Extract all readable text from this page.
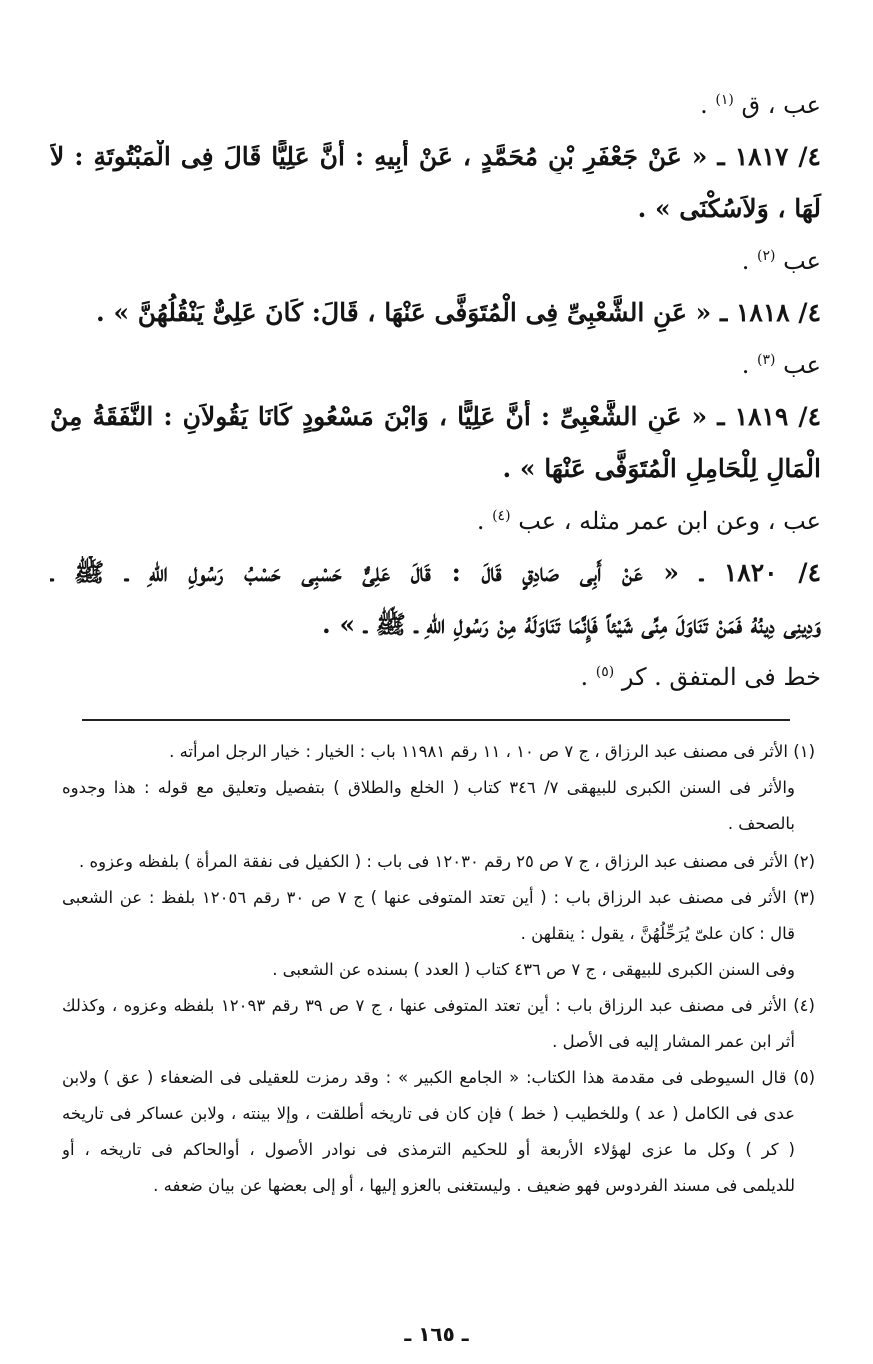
عب ، ق $^{(١)}$ .
٤/ ١٨١٧ ـ « عَنْ جَعْفَرِ بْنِ مُحَمَّدٍ ، عَنْ أَبِيهِ : أَنَّ عَلِيًّا قَالَ فِى الْمَبْتُوتَةِ : لاَ
لَهَا ، وَلاَسُكْنَى » .
عب $^{(٢)}$ .
٤/ ١٨١٨ ـ « عَنِ الشَّعْبِىِّ فِى الْمُتَوَفَّى عَنْهَا ، قَالَ: كَانَ عَلِىٌّ يَنْقُلُهُنَّ » .
عب $^{(٣)}$ .
٤/ ١٨١٩ ـ « عَنِ الشَّعْبِىِّ : أَنَّ عَلِيًّا ، وَابْنَ مَسْعُودٍ كَانَا يَقُولاَنِ : النَّفَقَةُ مِنْ
الْمَالِ لِلْحَامِلِ الْمُتَوَفَّى عَنْهَا » .
عب ، وعن ابن عمر مثله ، عب $^{(٤)}$ .
٤/ ١٨٢٠ ـ « عَنْ أَبِى صَادِقٍ قَالَ : قَالَ عَلِىٌّ حَسْبِى حَسْبُ رَسُولِ اللهِ ـ ﷺ ـ
وَدِينِى دِينُهُ فَمَنْ تَنَاوَلَ مِنِّى شَيْئاً فَإِنَّمَا تَنَاوَلَهُ مِنْ رَسُولِ اللهِ ـ ﷺ ـ » .
خط فى المتفق . كر $^{(٥)}$ .
(١) الأثر فى مصنف عبد الرزاق ، ج ٧ ص ١٠ ، ١١ رقم ١١٩٨١ باب : الخيار : خيار الرجل امرأته .
والأثر فى السنن الكبرى للبيهقى ٧/ ٣٤٦ كتاب ( الخلع والطلاق ) بتفصيل وتعليق مع قوله : هذا وجدوه
بالصحف .
(٢) الأثر فى مصنف عبد الرزاق ، ج ٧ ص ٢٥ رقم ١٢٠٣٠ فى باب : ( الكفيل فى نفقة المرأة ) بلفظه وعزوه .
(٣) الأثر فى مصنف عبد الرزاق باب : ( أين تعتد المتوفى عنها ) ج ٧ ص ٣٠ رقم ١٢٠٥٦ بلفظ : عن الشعبى
قال : كان علىّ يُرَحِّلُهُنَّ ، يقول : ينقلهن .
وفى السنن الكبرى للبيهقى ، ج ٧ ص ٤٣٦ كتاب ( العدد ) بسنده عن الشعبى .
(٤) الأثر فى مصنف عبد الرزاق باب : أين تعتد المتوفى عنها ، ج ٧ ص ٣٩ رقم ١٢٠٩٣ بلفظه وعزوه ، وكذلك
أثر ابن عمر المشار إليه فى الأصل .
(٥) قال السيوطى فى مقدمة هذا الكتاب: « الجامع الكبير » : وقد رمزت للعقيلى فى الضعفاء ( عق ) ولابن
عدى فى الكامل ( عد ) وللخطيب ( خط ) فإن كان فى تاريخه أطلقت ، وإلا بينته ، ولابن عساكر فى تاريخه
( كر ) وكل ما عزى لهؤلاء الأربعة أو للحكيم الترمذى فى نوادر الأصول ، أوالحاكم فى تاريخه ، أو
للديلمى فى مسند الفردوس فهو ضعيف . وليستغنى بالعزو إليها ، أو إلى بعضها عن بيان ضعفه .
ـ ١٦٥ ـ
